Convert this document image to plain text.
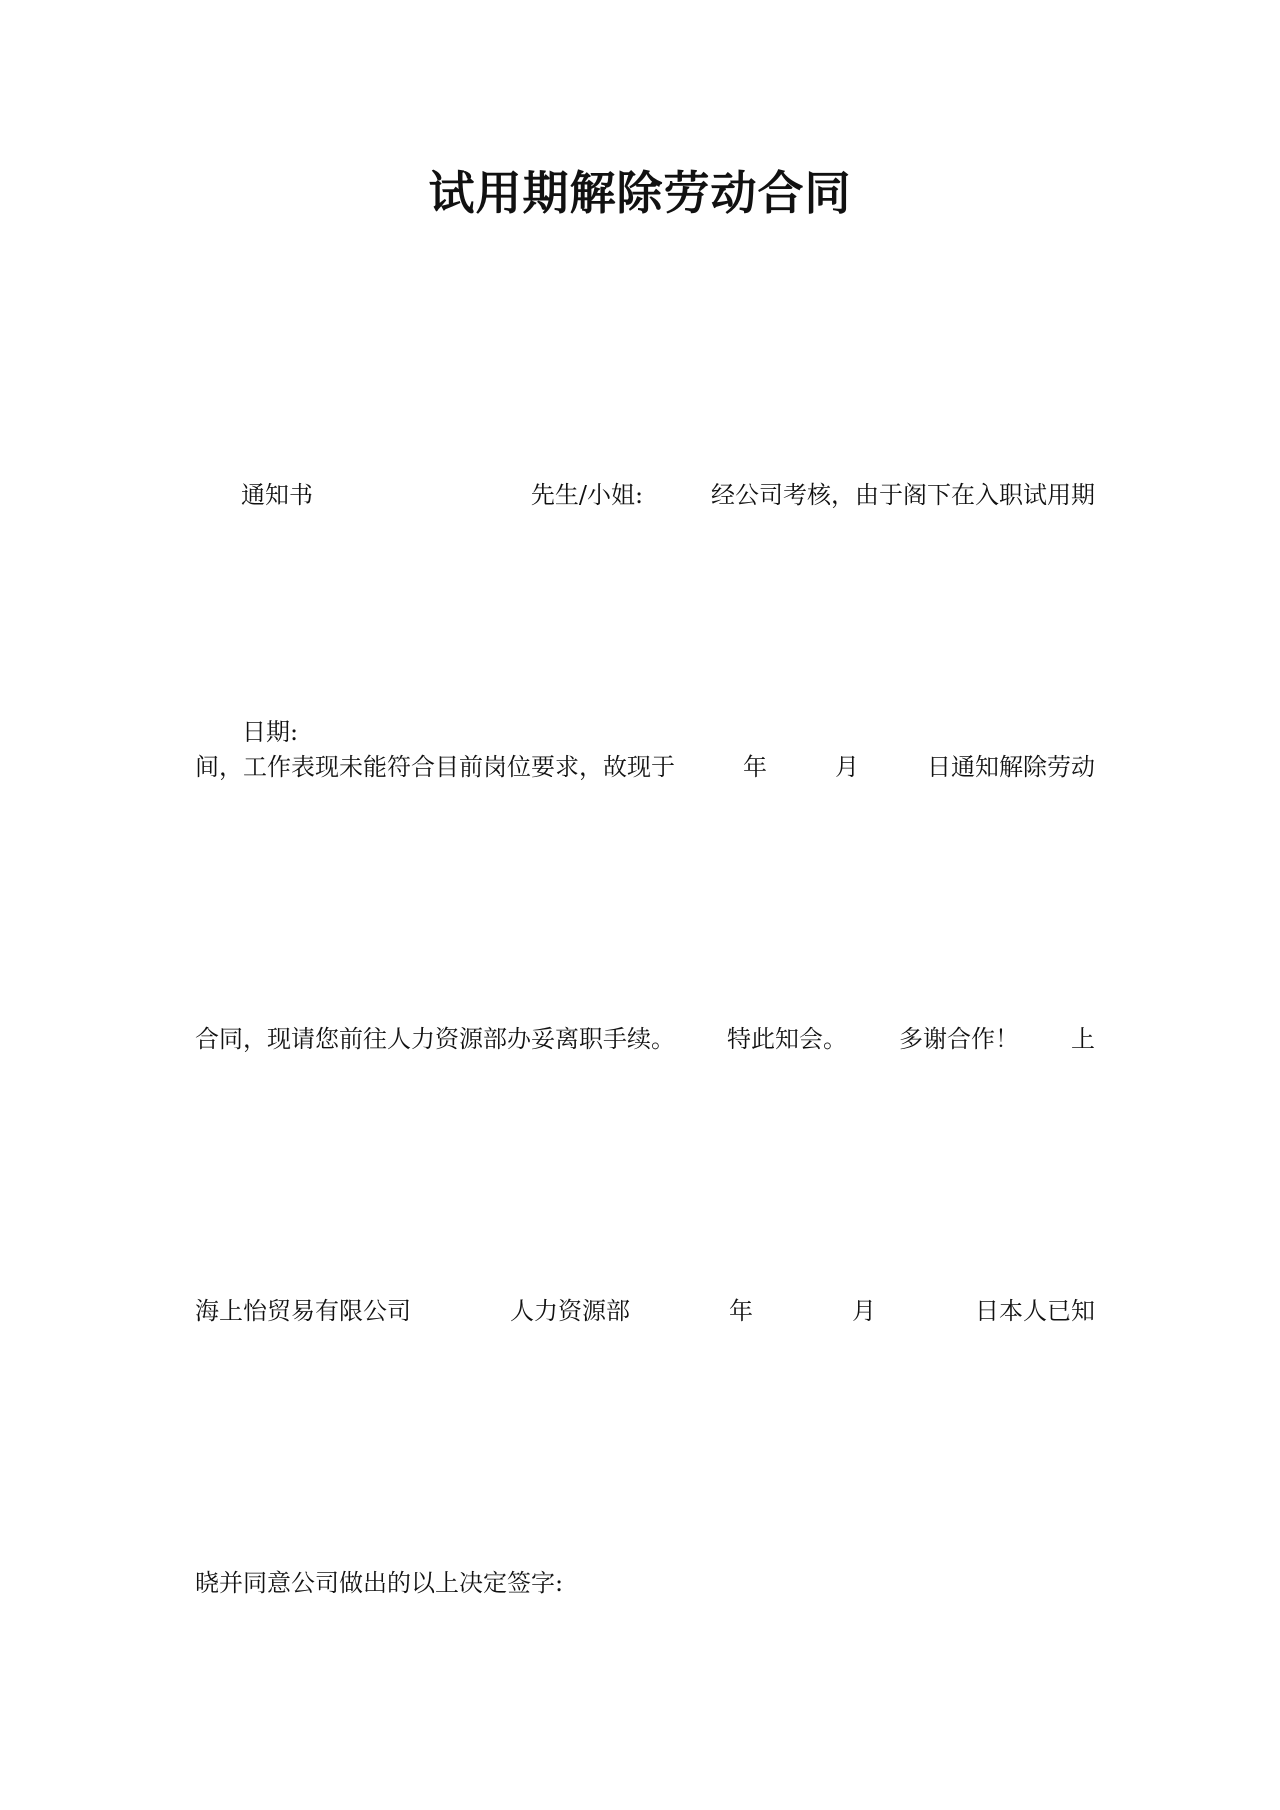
试用期解除劳动合同

通知书	先生/小姐:	经公司考核，由于阁下在入职试用期

间，工作表现未能符合目前岗位要求，故现于	年	月	日通知解除劳动

合同，现请您前往人力资源部办妥离职手续。 特此知会。 多谢合作！ 上

海上怡贸易有限公司	人力资源部	年	月	日本人已知

晓并同意公司做出的以上决定签字:

日期:
